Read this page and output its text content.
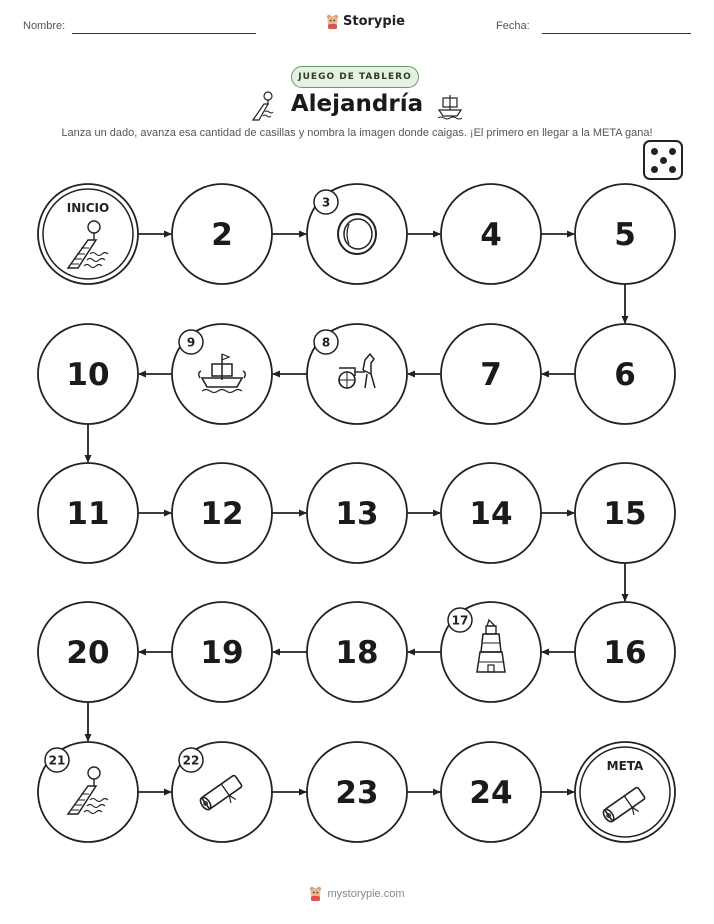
Nombre:	Storypie	Fecha:
JUEGO DE TABLERO
Alejandría
Lanza un dado, avanza esa cantidad de casillas y nombra la imagen donde caigas. ¡El primero en llegar a la META gana!
INICIO
2
3
4	5
6
7
8
9
10
11	12	13	14	15
16
17
18
19
20
21	22
23	24
META
mystorypie.com
